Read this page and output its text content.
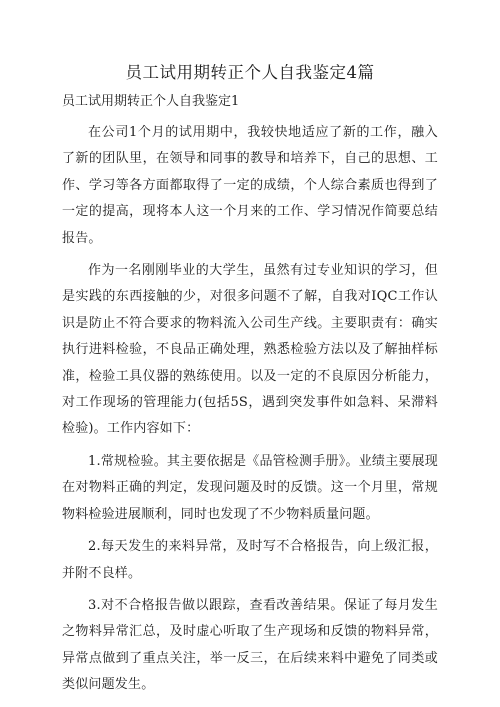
员工试用期转正个人自我鉴定4篇
员工试用期转正个人自我鉴定1

在公司1个月的试用期中，我较快地适应了新的工作，融入了新的团队里，在领导和同事的教导和培养下，自己的思想、工作、学习等各方面都取得了一定的成绩，个人综合素质也得到了一定的提高，现将本人这一个月来的工作、学习情况作简要总结报告。

作为一名刚刚毕业的大学生，虽然有过专业知识的学习，但是实践的东西接触的少，对很多问题不了解，自我对IQC工作认识是防止不符合要求的物料流入公司生产线。主要职责有：确实执行进料检验，不良品正确处理，熟悉检验方法以及了解抽样标准，检验工具仪器的熟练使用。以及一定的不良原因分析能力，对工作现场的管理能力(包括5S，遇到突发事件如急料、呆滞料检验)。工作内容如下：

1.常规检验。其主要依据是《品管检测手册》。业绩主要展现在对物料正确的判定，发现问题及时的反馈。这一个月里，常规物料检验进展顺利，同时也发现了不少物料质量问题。

2.每天发生的来料异常，及时写不合格报告，向上级汇报，并附不良样。

3.对不合格报告做以跟踪，查看改善结果。保证了每月发生之物料异常汇总，及时虚心听取了生产现场和反馈的物料异常，异常点做到了重点关注，举一反三，在后续来料中避免了同类或类似问题发生。
